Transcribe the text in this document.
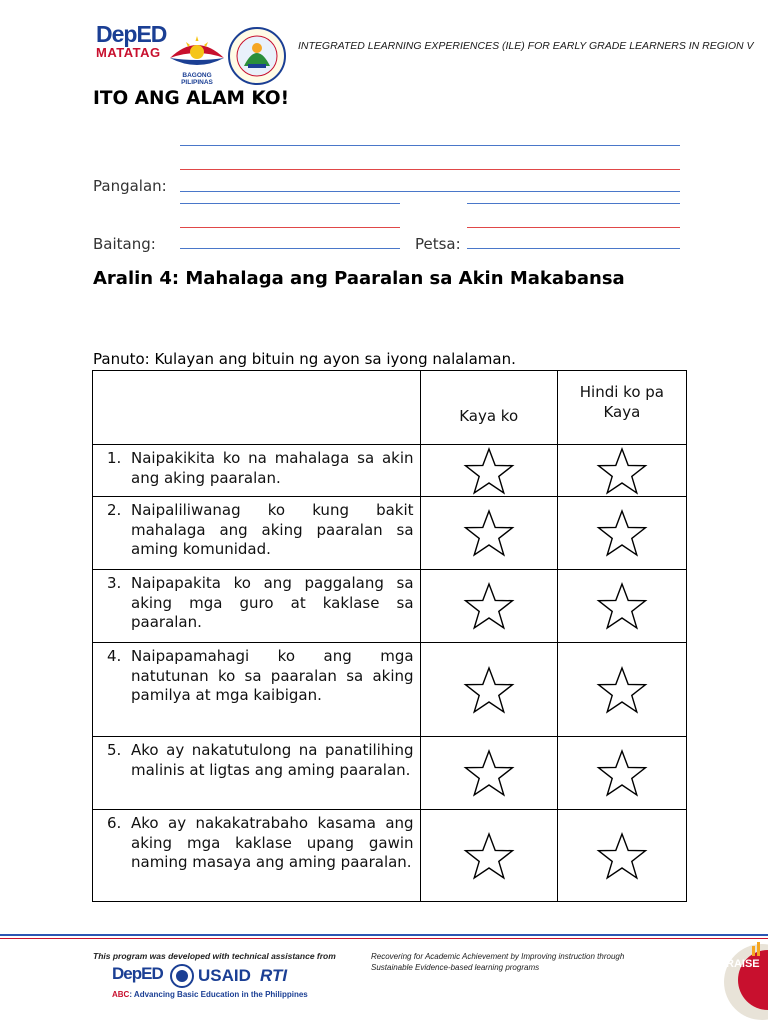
DepED
MATATAG

BAGONG PILIPINAS
INTEGRATED LEARNING EXPERIENCES (ILE) FOR EARLY GRADE LEARNERS IN REGION V
ITO ANG ALAM KO!
Pangalan:
Baitang:	Petsa:
Aralin 4: Mahalaga ang Paaralan sa Akin Makabansa
Panuto: Kulayan ang bituin ng ayon sa iyong nalalaman.
	Kaya ko	Hindi ko pa Kaya

1. Naipakikita ko na mahalaga sa akin ang aking paaralan.

2. Naipaliliwanag ko kung bakit mahalaga ang aking paaralan sa aming komunidad.

3. Naipapakita ko ang paggalang sa aking mga guro at kaklase sa paaralan.

4. Naipapamahagi ko ang mga natutunan ko sa paaralan sa aking pamilya at mga kaibigan.

5. Ako ay nakatutulong na panatilihing malinis at ligtas ang aming paaralan.

6. Ako ay nakakatrabaho kasama ang aking mga kaklase upang gawin naming masaya ang aming paaralan.

This program was developed with technical assistance from	Recovering for Academic Achievement by Improving instruction through
Sustainable Evidence-based learning programs
DepED	USAID RTI
ABC: Advancing Basic Education in the Philippines
RAISE
